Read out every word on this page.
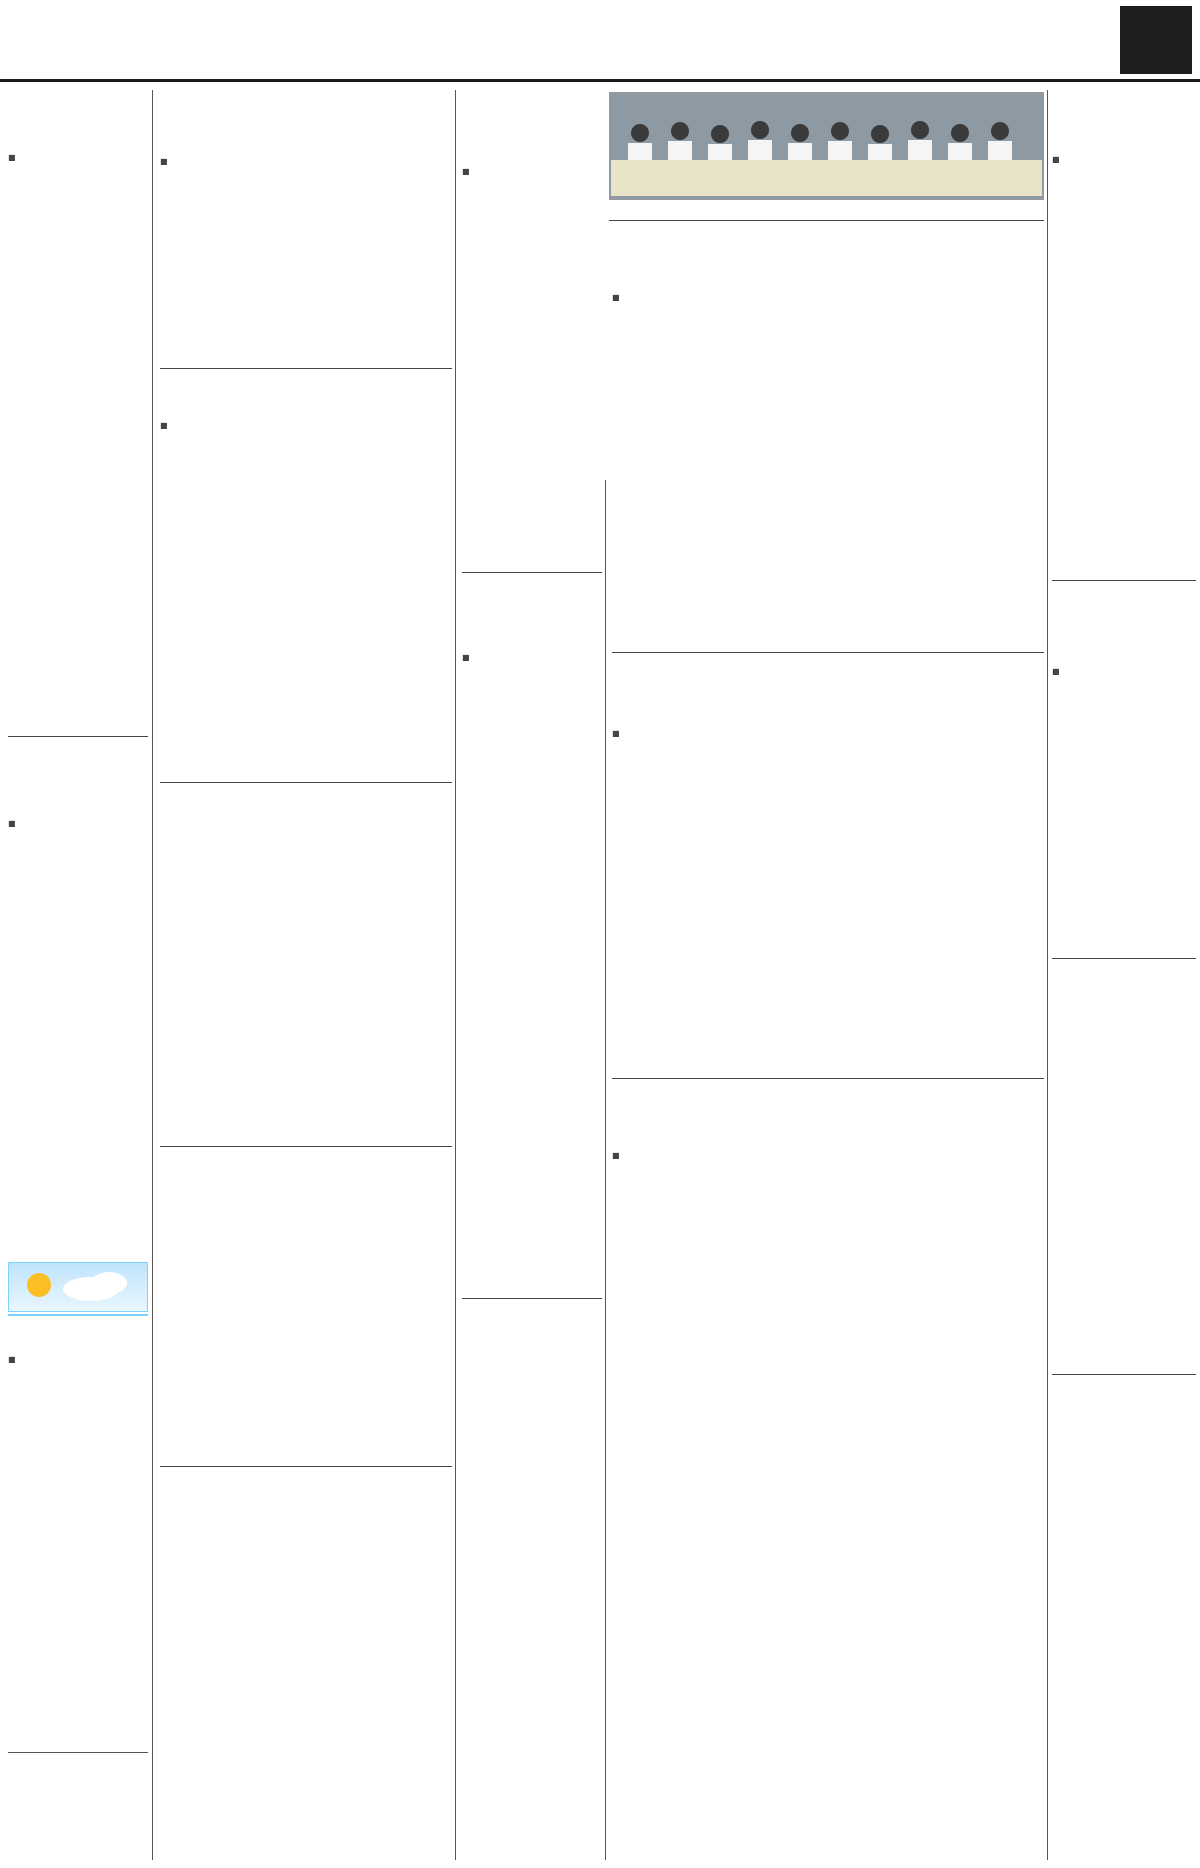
■

■

■

■

■

■

■

■

■

■

■

■
